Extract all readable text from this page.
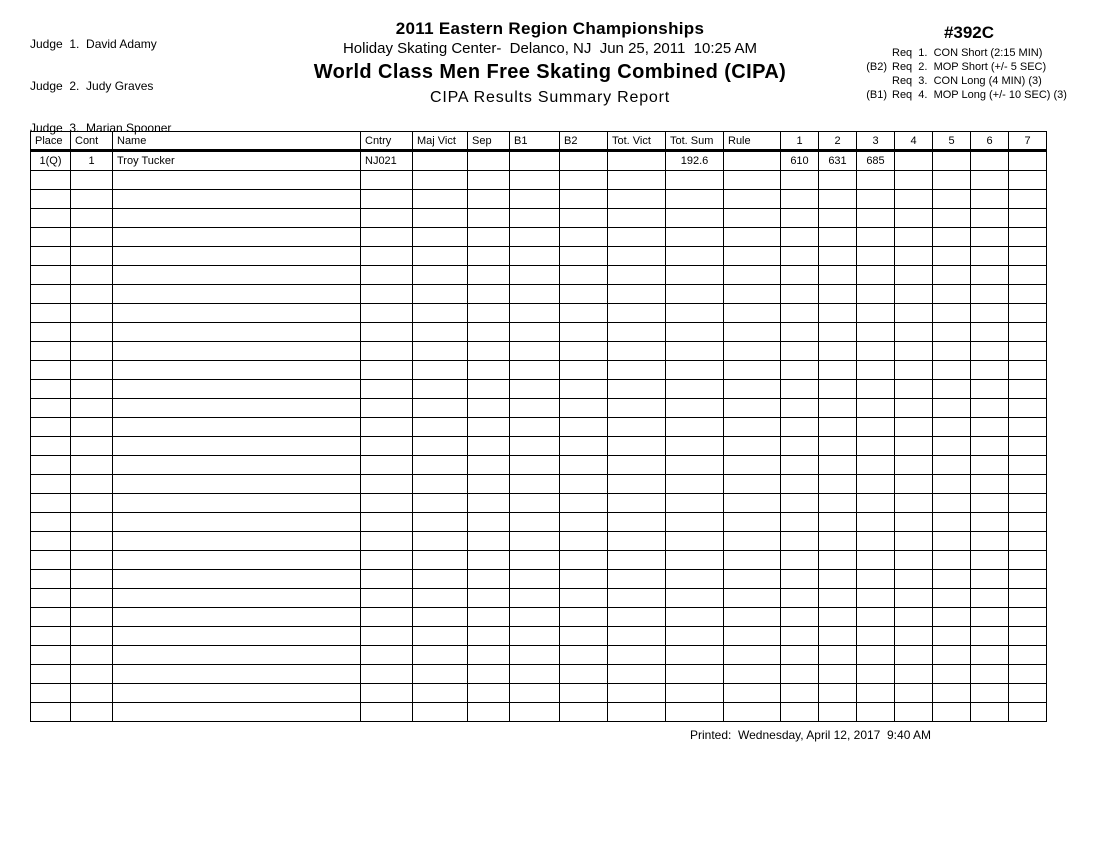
Judge  1.  David Adamy

Judge  2.  Judy Graves

Judge  3.  Marian Spooner

2011 Eastern Region Championships
Holiday Skating Center-  Delanco, NJ  Jun 25, 2011  10:25 AM
World Class Men Free Skating Combined (CIPA)
CIPA Results Summary Report
#392C
Req  1.  CON Short (2:15 MIN)
(B2) Req  2.  MOP Short (+/- 5 SEC)
Req  3.  CON Long (4 MIN) (3)
(B1) Req  4.  MOP Long (+/- 10 SEC) (3)
Place	Cont	Name	Cntry	Maj Vict	Sep	B1	B2	Tot. Vict	Tot. Sum	Rule	1	2	3	4	5	6	7
1(Q)	1	Troy Tucker	NJ021						192.6		610	631	685				

Printed:  Wednesday, April 12, 2017  9:40 AM
